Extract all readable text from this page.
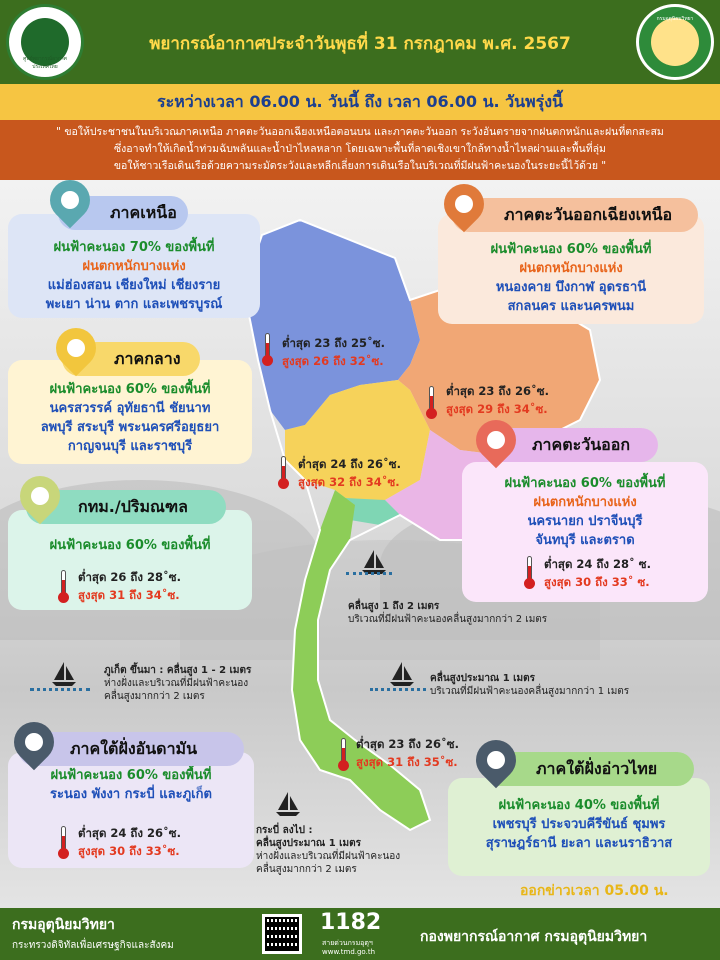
ศูนย์พยากรณ์อากาศประเทศไทย
พยากรณ์อากาศประจำวันพุธที่ 31 กรกฎาคม พ.ศ. 2567
กรมอุตุนิยมวิทยา
ระหว่างเวลา 06.00 น. วันนี้ ถึง เวลา 06.00 น. วันพรุ่งนี้
" ขอให้ประชาชนในบริเวณภาคเหนือ ภาคตะวันออกเฉียงเหนือตอนบน และภาคตะวันออก ระวังอันตรายจากฝนตกหนักและฝนที่ตกสะสม
ซึ่งอาจทำให้เกิดน้ำท่วมฉับพลันและน้ำป่าไหลหลาก โดยเฉพาะพื้นที่ลาดเชิงเขาใกล้ทางน้ำไหลผ่านและพื้นที่ลุ่ม
ขอให้ชาวเรือเดินเรือด้วยความระมัดระวังและหลีกเลี่ยงการเดินเรือในบริเวณที่มีฝนฟ้าคะนองในระยะนี้ไว้ด้วย "
ฝนฟ้าคะนอง 70% ของพื้นที่
ฝนตกหนักบางแห่ง
แม่ฮ่องสอน เชียงใหม่ เชียงราย
พะเยา น่าน ตาก และเพชรบูรณ์
ภาคเหนือ
ต่ำสุด 23 ถึง 25˚ซ.
สูงสุด 26 ถึง 32˚ซ.
ฝนฟ้าคะนอง 60% ของพื้นที่
ฝนตกหนักบางแห่ง
หนองคาย บึงกาฬ อุดรธานี
สกลนคร และนครพนม
ภาคตะวันออกเฉียงเหนือ
ต่ำสุด 23 ถึง 26˚ซ.
สูงสุด 29 ถึง 34˚ซ.
ฝนฟ้าคะนอง 60% ของพื้นที่
นครสวรรค์ อุทัยธานี ชัยนาท
ลพบุรี สระบุรี พระนครศรีอยุธยา
กาญจนบุรี และราชบุรี
ภาคกลาง
ต่ำสุด 24 ถึง 26˚ซ.
สูงสุด 32 ถึง 34˚ซ.	ฝนฟ้าคะนอง 60% ของพื้นที่
ฝนตกหนักบางแห่ง
นครนายก ปราจีนบุรี
จันทบุรี และตราด
ภาคตะวันออก
ต่ำสุด 24 ถึง 28˚ ซ.
สูงสุด 30 ถึง 33˚ ซ.
ฝนฟ้าคะนอง 60% ของพื้นที่
กทม./ปริมณฑล
ต่ำสุด 26 ถึง 28˚ซ.
สูงสุด 31 ถึง 34˚ซ.
ฝนฟ้าคะนอง 60% ของพื้นที่
ระนอง พังงา กระบี่ และภูเก็ต
ภาคใต้ฝั่งอันดามัน
ต่ำสุด 24 ถึง 26˚ซ.
สูงสุด 30 ถึง 33˚ซ.
ฝนฟ้าคะนอง 40% ของพื้นที่
เพชรบุรี ประจวบคีรีขันธ์ ชุมพร
สุราษฎร์ธานี ยะลา และนราธิวาส
ภาคใต้ฝั่งอ่าวไทย
ต่ำสุด 23 ถึง 26˚ซ.
สูงสุด 31 ถึง 35˚ซ.
คลื่นสูง 1 ถึง 2 เมตร
บริเวณที่มีฝนฟ้าคะนองคลื่นสูงมากกว่า 2 เมตร
คลื่นสูงประมาณ 1 เมตร
บริเวณที่มีฝนฟ้าคะนองคลื่นสูงมากกว่า 1 เมตร
ภูเก็ต ขึ้นมา : คลื่นสูง 1 - 2 เมตร
ห่างฝั่งและบริเวณที่มีฝนฟ้าคะนอง
คลื่นสูงมากกว่า 2 เมตร
กระบี่ ลงไป :
คลื่นสูงประมาณ 1 เมตร
ห่างฝั่งและบริเวณที่มีฝนฟ้าคะนอง
คลื่นสูงมากกว่า 2 เมตร
ออกข่าวเวลา 05.00 น.
กรมอุตุนิยมวิทยา
กระทรวงดิจิทัลเพื่อเศรษฐกิจและสังคม
1182
สายด่วนกรมอุตุฯ
www.tmd.go.th
กองพยากรณ์อากาศ กรมอุตุนิยมวิทยา
